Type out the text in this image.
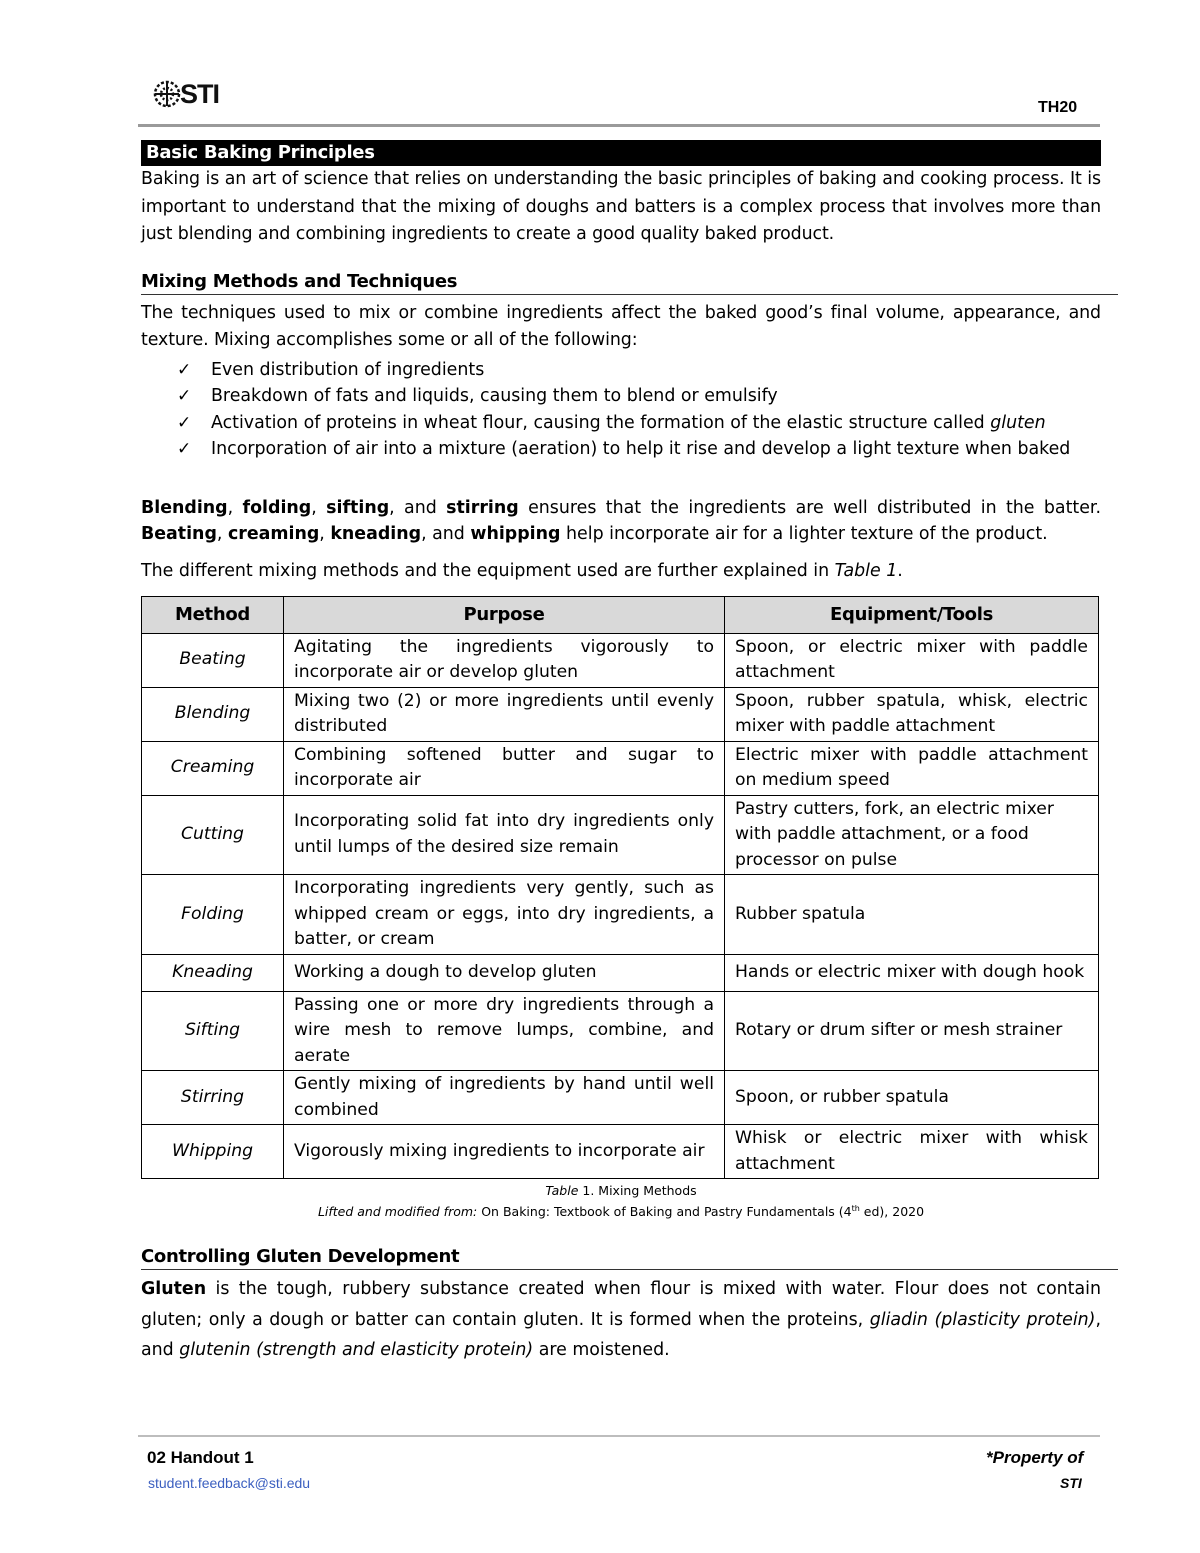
STI	TH20
Basic Baking Principles

Baking is an art of science that relies on understanding the basic principles of baking and cooking process. It is important to understand that the mixing of doughs and batters is a complex process that involves more than just blending and combining ingredients to create a good quality baked product.

Mixing Methods and Techniques

The techniques used to mix or combine ingredients affect the baked good’s final volume, appearance, and texture. Mixing accomplishes some or all of the following:

✓	Even distribution of ingredients
✓	Breakdown of fats and liquids, causing them to blend or emulsify
✓	Activation of proteins in wheat flour, causing the formation of the elastic structure called gluten
✓	Incorporation of air into a mixture (aeration) to help it rise and develop a light texture when baked

Blending, folding, sifting, and stirring ensures that the ingredients are well distributed in the batter. Beating, creaming, kneading, and whipping help incorporate air for a lighter texture of the product.

The different mixing methods and the equipment used are further explained in Table 1.

Method	Purpose	Equipment/Tools
Beating	Agitating the ingredients vigorously to incorporate air or develop gluten	Spoon, or electric mixer with paddle attachment
Blending	Mixing two (2) or more ingredients until evenly distributed	Spoon, rubber spatula, whisk, electric mixer with paddle attachment
Creaming	Combining softened butter and sugar to incorporate air	Electric mixer with paddle attachment on medium speed
Cutting	Incorporating solid fat into dry ingredients only until lumps of the desired size remain	Pastry cutters, fork, an electric mixer with paddle attachment, or a food processor on pulse
Folding	Incorporating ingredients very gently, such as whipped cream or eggs, into dry ingredients, a batter, or cream	Rubber spatula
Kneading	Working a dough to develop gluten	Hands or electric mixer with dough hook
Sifting	Passing one or more dry ingredients through a wire mesh to remove lumps, combine, and aerate	Rotary or drum sifter or mesh strainer
Stirring	Gently mixing of ingredients by hand until well combined	Spoon, or rubber spatula
Whipping	Vigorously mixing ingredients to incorporate air	Whisk or electric mixer with whisk attachment
Table 1. Mixing Methods
Lifted and modified from: On Baking: Textbook of Baking and Pastry Fundamentals (4th ed), 2020
Controlling Gluten Development

Gluten is the tough, rubbery substance created when flour is mixed with water. Flour does not contain gluten; only a dough or batter can contain gluten. It is formed when the proteins, gliadin (plasticity protein), and glutenin (strength and elasticity protein) are moistened.

02 Handout 1	*Property of
student.feedback@sti.edu	STI
